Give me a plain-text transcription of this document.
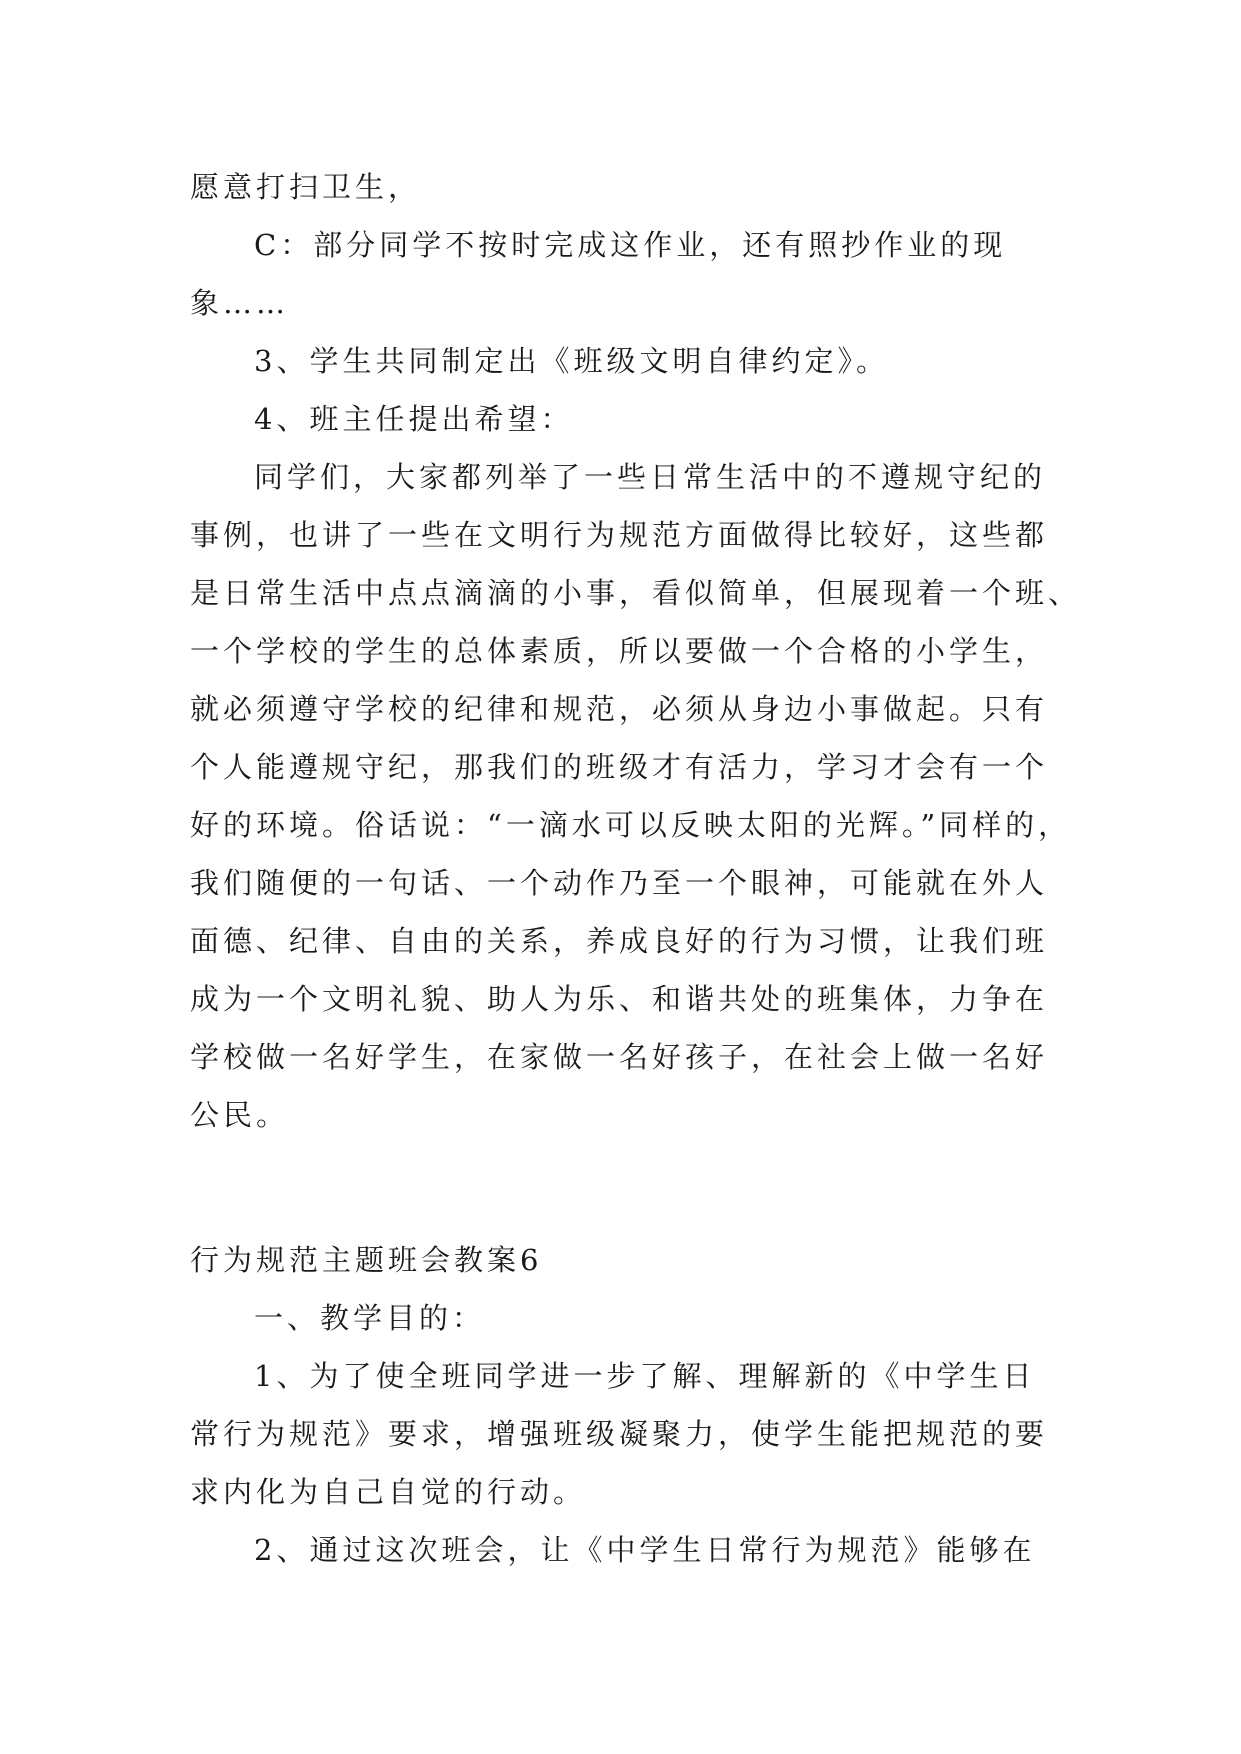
愿意打扫卫生，
C：部分同学不按时完成这作业，还有照抄作业的现
象……
3、学生共同制定出《班级文明自律约定》。
4、班主任提出希望：
同学们，大家都列举了一些日常生活中的不遵规守纪的
事例，也讲了一些在文明行为规范方面做得比较好，这些都
是日常生活中点点滴滴的小事，看似简单，但展现着一个班、
一个学校的学生的总体素质，所以要做一个合格的小学生，
就必须遵守学校的纪律和规范，必须从身边小事做起。只有
个人能遵规守纪，那我们的班级才有活力，学习才会有一个
好的环境。俗话说：“一滴水可以反映太阳的光辉。”同样的，
我们随便的一句话、一个动作乃至一个眼神，可能就在外人
面德、纪律、自由的关系，养成良好的行为习惯，让我们班
成为一个文明礼貌、助人为乐、和谐共处的班集体，力争在
学校做一名好学生，在家做一名好孩子，在社会上做一名好
公民。
行为规范主题班会教案6
一、教学目的：
1、为了使全班同学进一步了解、理解新的《中学生日
常行为规范》要求，增强班级凝聚力，使学生能把规范的要
求内化为自己自觉的行动。
2、通过这次班会，让《中学生日常行为规范》能够在
